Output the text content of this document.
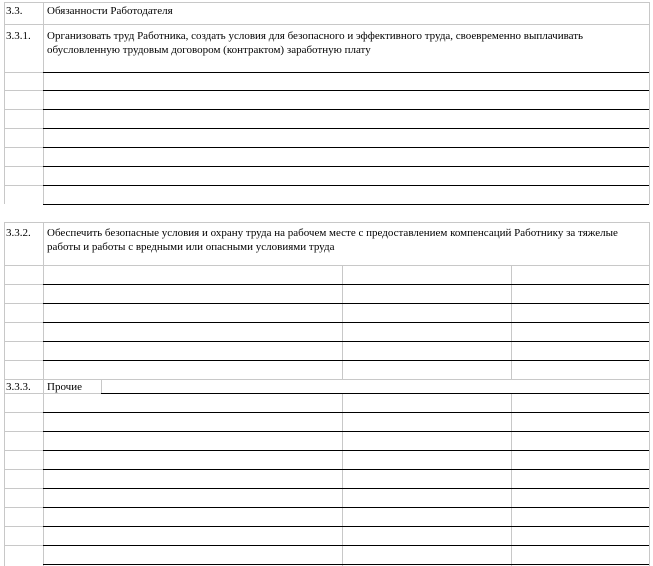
3.3. Обязанности Работодателя
3.3.1. Организовать труд Работника, создать условия для безопасного и эффективного труда, своевременно выплачивать обусловленную трудовым договором (контрактом) заработную плату
3.3.2. Обеспечить безопасные условия и охрану труда на рабочем месте с предоставлением компенсаций Работнику за тяжелые работы и работы с вредными или опасными условиями труда
3.3.3. Прочие
